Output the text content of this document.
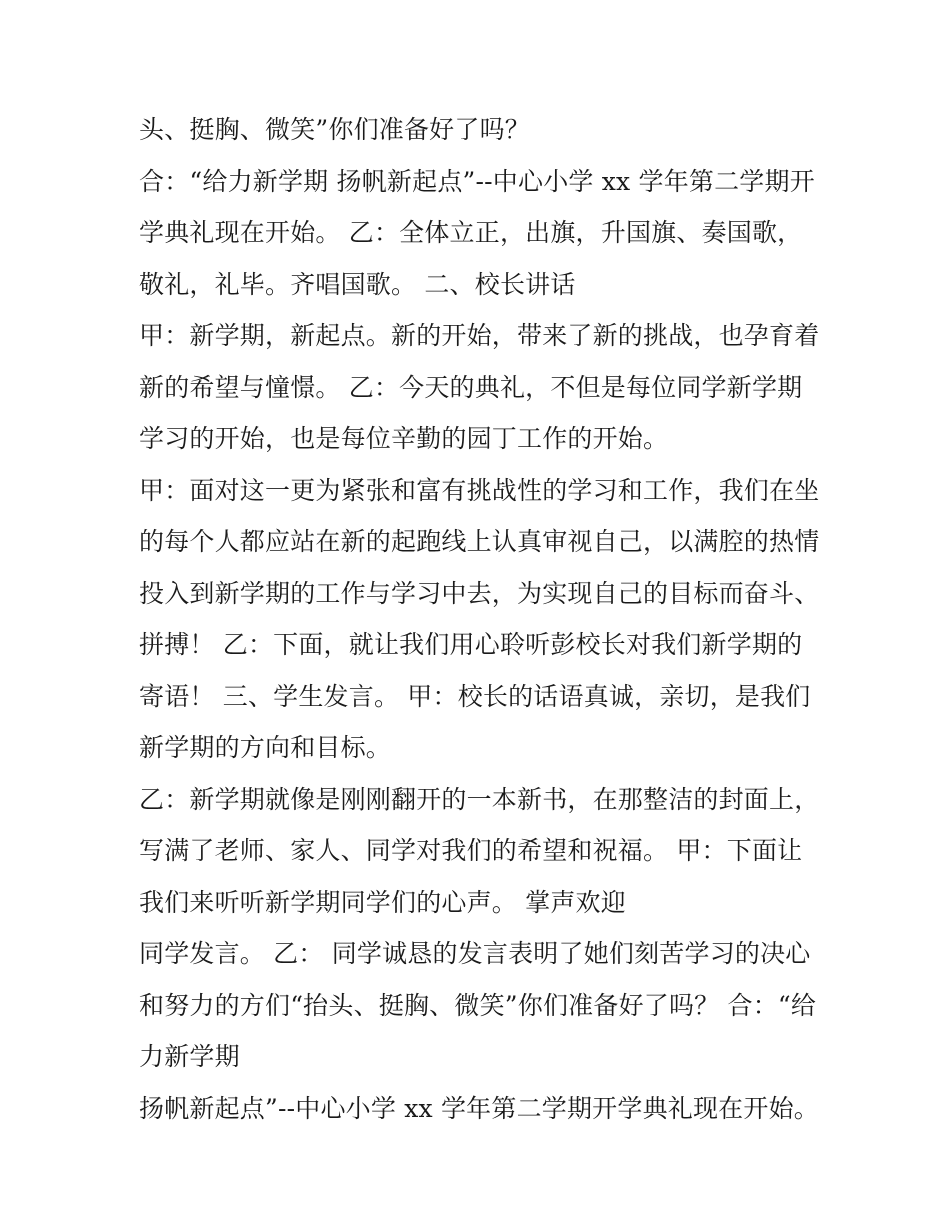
头、挺胸、微笑”你们准备好了吗？
合：“给力新学期 扬帆新起点”--中心小学 xx 学年第二学期开
学典礼现在开始。 乙：全体立正，出旗，升国旗、奏国歌，
敬礼，礼毕。齐唱国歌。 二、校长讲话
甲：新学期，新起点。新的开始，带来了新的挑战，也孕育着
新的希望与憧憬。 乙：今天的典礼，不但是每位同学新学期
学习的开始，也是每位辛勤的园丁工作的开始。
甲：面对这一更为紧张和富有挑战性的学习和工作，我们在坐
的每个人都应站在新的起跑线上认真审视自己，以满腔的热情
投入到新学期的工作与学习中去，为实现自己的目标而奋斗、
拼搏！ 乙：下面，就让我们用心聆听彭校长对我们新学期的
寄语！ 三、学生发言。 甲：校长的话语真诚，亲切，是我们
新学期的方向和目标。
乙：新学期就像是刚刚翻开的一本新书，在那整洁的封面上，
写满了老师、家人、同学对我们的希望和祝福。 甲：下面让
我们来听听新学期同学们的心声。 掌声欢迎
同学发言。 乙： 同学诚恳的发言表明了她们刻苦学习的决心
和努力的方们“抬头、挺胸、微笑”你们准备好了吗？ 合：“给
力新学期
扬帆新起点”--中心小学 xx 学年第二学期开学典礼现在开始。
